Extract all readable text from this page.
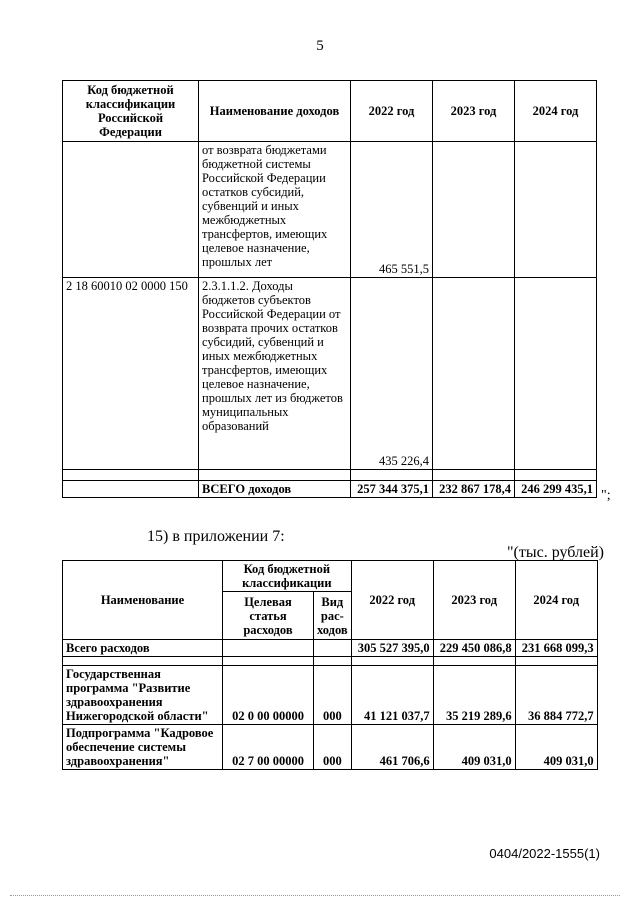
5
Код бюджетной классификации Российской Федерации	Наименование доходов	2022 год	2023 год	2024 год
	от возврата бюджетами бюджетной системы Российской Федерации остатков субсидий, субвенций и иных межбюджетных трансфертов, имеющих целевое назначение, прошлых лет	465 551,5		
2 18 60010 02 0000 150	2.3.1.1.2. Доходы бюджетов субъектов Российской Федерации от возврата прочих остатков субсидий, субвенций и иных межбюджетных трансфертов, имеющих целевое назначение, прошлых лет из бюджетов муниципальных образований	435 226,4		

	ВСЕГО доходов	257 344 375,1	232 867 178,4	246 299 435,1 ";
15) в приложении 7:
"(тыс. рублей)
Наименование	Код бюджетной классификации		2022 год	2023 год	2024 год
	Целевая статья расходов	Вид рас-ходов			
Всего расходов			305 527 395,0	229 450 086,8	231 668 099,3

Государственная программа "Развитие здравоохранения Нижегородской области"	02 0 00 00000	000	41 121 037,7	35 219 289,6	36 884 772,7
Подпрограмма "Кадровое обеспечение системы здравоохранения"	02 7 00 00000	000	461 706,6	409 031,0	409 031,0
0404/2022-1555(1)
